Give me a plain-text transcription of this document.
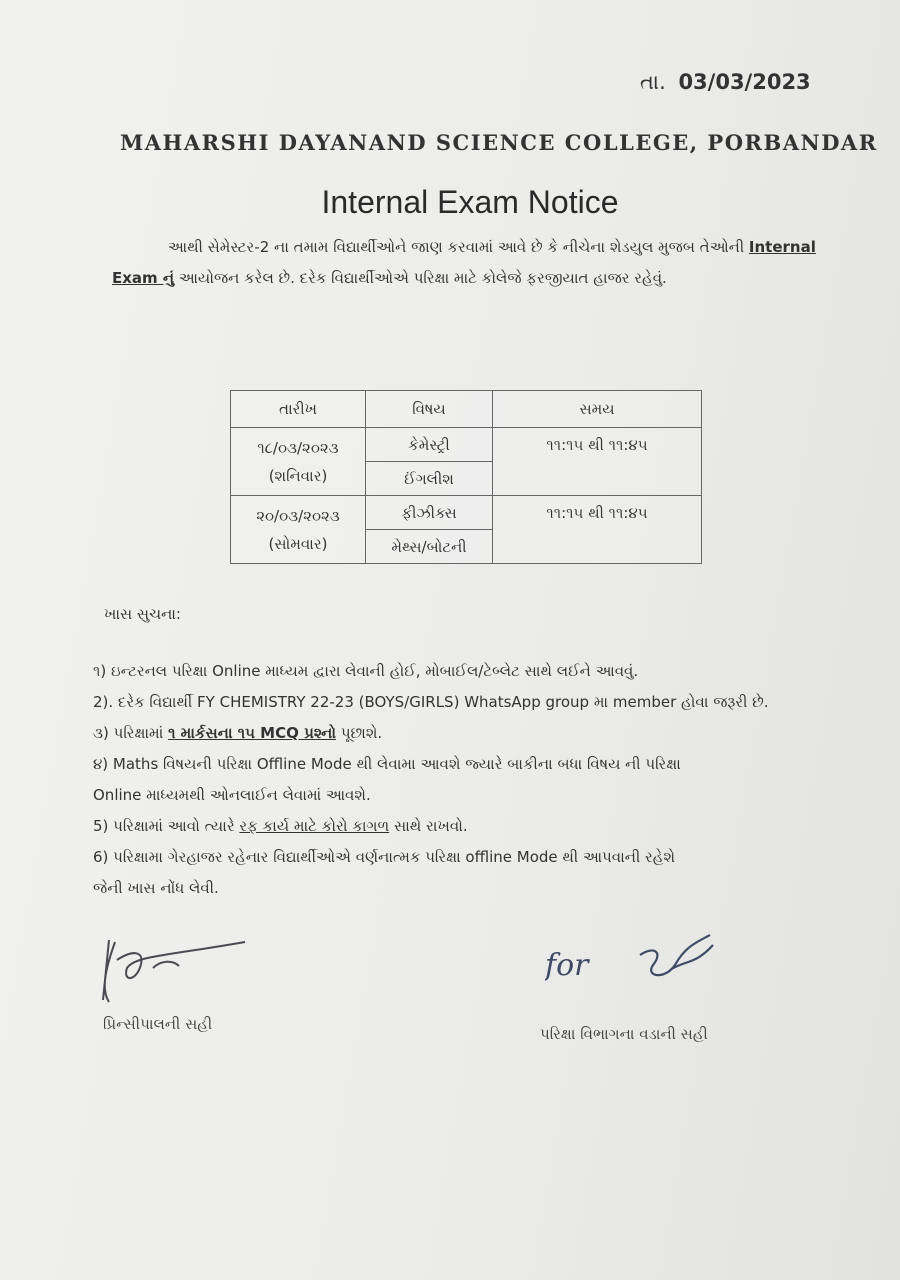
તા. 03/03/2023
MAHARSHI DAYANAND SCIENCE COLLEGE, PORBANDAR
Internal Exam Notice
આથી સેમેસ્ટર-2 ના તમામ વિદ્યાર્થીઓને જાણ કરવામાં આવે છે કે નીચેના શેડયુલ મુજબ તેઓની Internal Exam નું આયોજન કરેલ છે. દરેક વિદ્યાર્થીઓએ પરિક્ષા માટે કોલેજે ફરજીયાત હાજર રહેવું.
તારીખ	વિષય	સમય

૧૮/૦૩/૨૦૨૩
(શનિવાર)	કેમેસ્ટ્રી	૧૧:૧૫ થી ૧૧:૪૫
	ઈંગલીશ	

૨૦/૦૩/૨૦૨૩
(સોમવાર)	ફીઝીક્સ	૧૧:૧૫ થી ૧૧:૪૫
	મેથ્સ/બોટની	
ખાસ સુચના:
૧) ઇન્ટરનલ પરિક્ષા Online માધ્યમ દ્વારા લેવાની હોઈ, મોબાઈલ/ટેબ્લેટ સાથે લઈને આવવું.
2). દરેક વિદ્યાર્થી FY CHEMISTRY 22-23 (BOYS/GIRLS) WhatsApp group મા member હોવા જરૂરી છે.
૩) પરિક્ષામાં ૧ માર્કસના ૧૫ MCQ પ્રશ્નો પૂછાશે.
૪) Maths વિષયની પરિક્ષા Offline Mode થી લેવામા આવશે જ્યારે બાકીના બધા વિષય ની પરિક્ષા
Online માધ્યમથી ઓનલાઈન લેવામાં આવશે.
5) પરિક્ષામાં આવો ત્યારે રફ કાર્ય માટે કોરો કાગળ સાથે રાખવો.
6) પરિક્ષામા ગેરહાજર રહેનાર વિદ્યાર્થીઓએ વર્ણનાત્મક પરિક્ષા offline Mode થી આપવાની રહેશે
જેની ખાસ નોંધ લેવી.
પ્રિન્સીપાલની સહી
for
પરિક્ષા વિભાગના વડાની સહી
